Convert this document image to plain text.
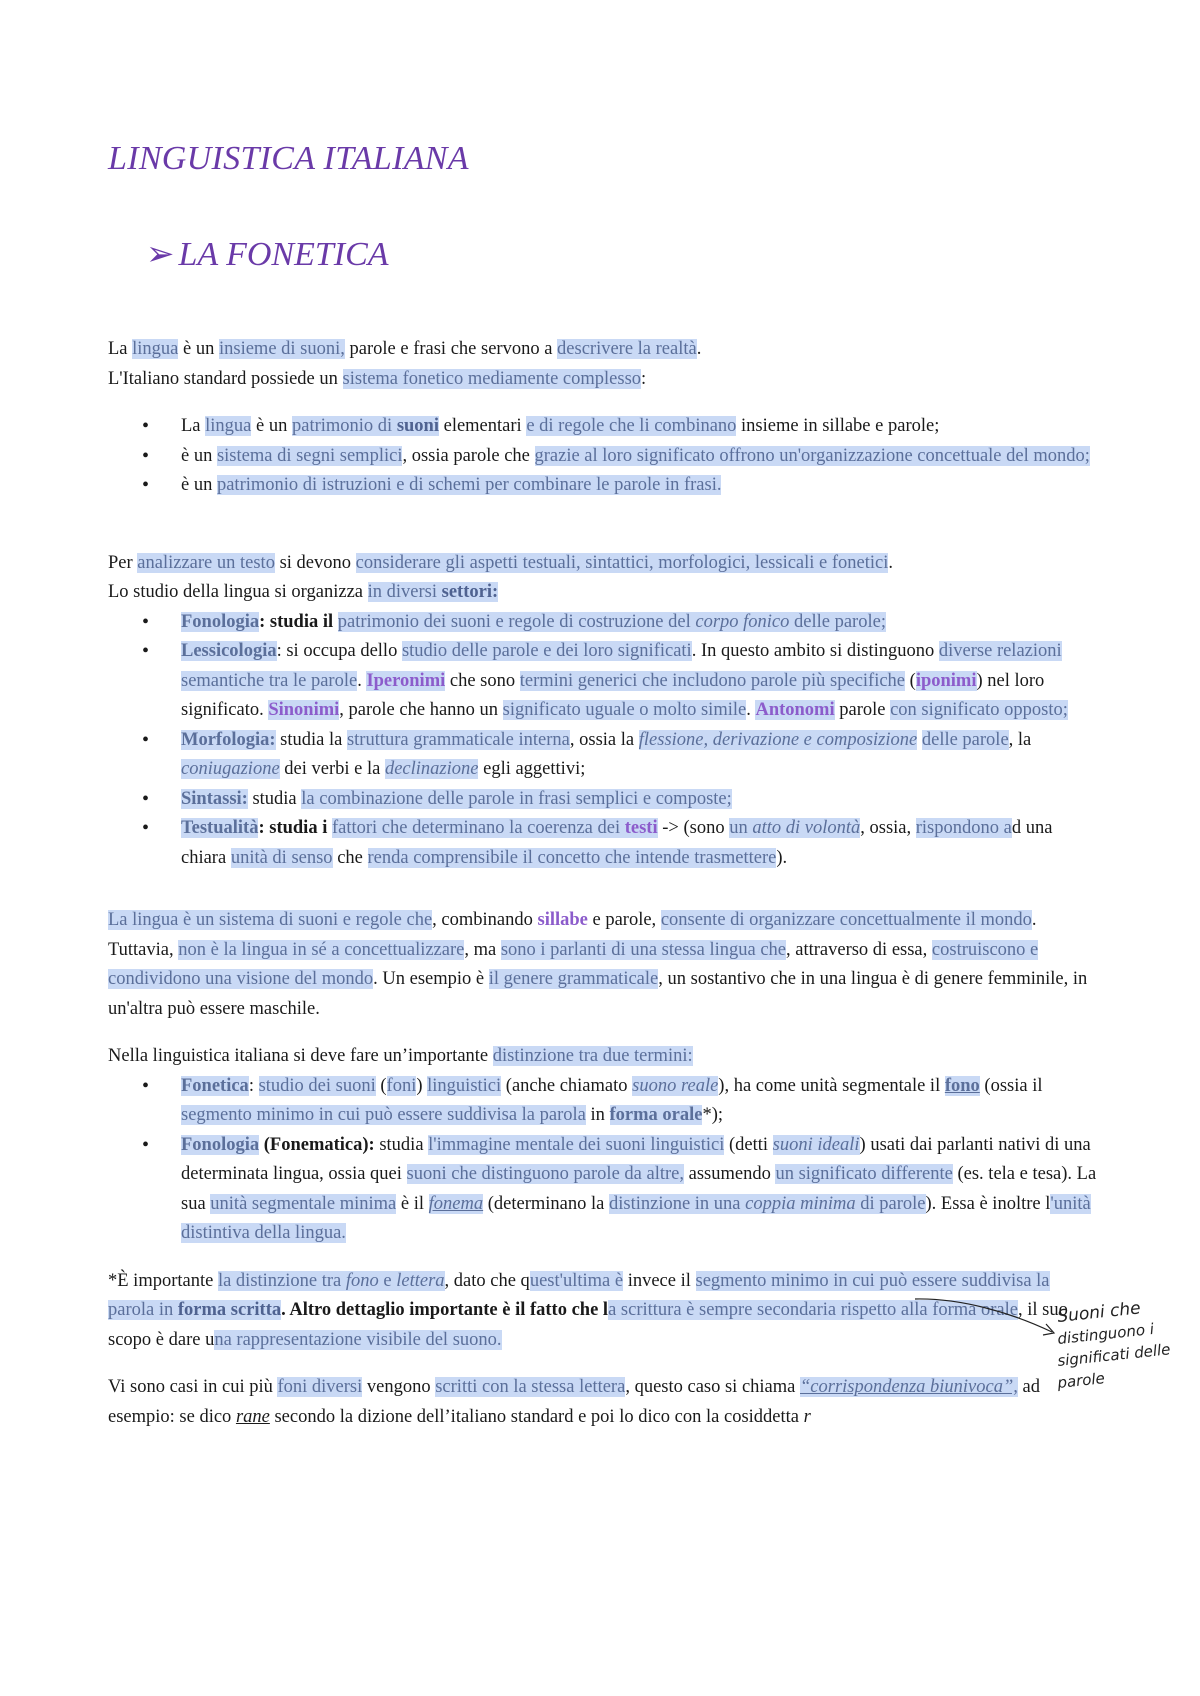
LINGUISTICA ITALIANA
➢ LA FONETICA

La lingua è un insieme di suoni, parole e frasi che servono a descrivere la realtà.

L'Italiano standard possiede un sistema fonetico mediamente complesso:

• La lingua è un patrimonio di suoni elementari e di regole che li combinano insieme in sillabe e parole;
• è un sistema di segni semplici, ossia parole che grazie al loro significato offrono un'organizzazione concettuale del mondo;
• è un patrimonio di istruzioni e di schemi per combinare le parole in frasi.

Per analizzare un testo si devono considerare gli aspetti testuali, sintattici, morfologici, lessicali e fonetici.

Lo studio della lingua si organizza in diversi settori:

• Fonologia: studia il patrimonio dei suoni e regole di costruzione del corpo fonico delle parole;
• Lessicologia: si occupa dello studio delle parole e dei loro significati. In questo ambito si distinguono diverse relazioni semantiche tra le parole. Iperonimi che sono termini generici che includono parole più specifiche (iponimi) nel loro significato. Sinonimi, parole che hanno un significato uguale o molto simile. Antonomi parole con significato opposto;
• Morfologia: studia la struttura grammaticale interna, ossia la flessione, derivazione e composizione delle parole, la coniugazione dei verbi e la declinazione egli aggettivi;
• Sintassi: studia la combinazione delle parole in frasi semplici e composte;
• Testualità: studia i fattori che determinano la coerenza dei testi -> (sono un atto di volontà, ossia, rispondono ad una chiara unità di senso che renda comprensibile il concetto che intende trasmettere).

La lingua è un sistema di suoni e regole che, combinando sillabe e parole, consente di organizzare concettualmente il mondo. Tuttavia, non è la lingua in sé a concettualizzare, ma sono i parlanti di una stessa lingua che, attraverso di essa, costruiscono e condividono una visione del mondo. Un esempio è il genere grammaticale, un sostantivo che in una lingua è di genere femminile, in un'altra può essere maschile.

Nella linguistica italiana si deve fare un’importante distinzione tra due termini:

• Fonetica: studio dei suoni (foni) linguistici (anche chiamato suono reale), ha come unità segmentale il fono (ossia il segmento minimo in cui può essere suddivisa la parola in forma orale*);
• Fonologia (Fonematica): studia l'immagine mentale dei suoni linguistici (detti suoni ideali) usati dai parlanti nativi di una determinata lingua, ossia quei suoni che distinguono parole da altre, assumendo un significato differente (es. tela e tesa). La sua unità segmentale minima è il fonema (determinano la distinzione in una coppia minima di parole). Essa è inoltre l'unità distintiva della lingua.

*È importante la distinzione tra fono e lettera, dato che quest'ultima è invece il segmento minimo in cui può essere suddivisa la parola in forma scritta. Altro dettaglio importante è il fatto che la scrittura è sempre secondaria rispetto alla forma orale, il suo scopo è dare una rappresentazione visibile del suono.

Vi sono casi in cui più foni diversi vengono scritti con la stessa lettera, questo caso si chiama “corrispondenza biunivoca”, ad esempio: se dico rane secondo la dizione dell’italiano standard e poi lo dico con la cosiddetta r

Suoni che
distinguono i
significati delle
parole
